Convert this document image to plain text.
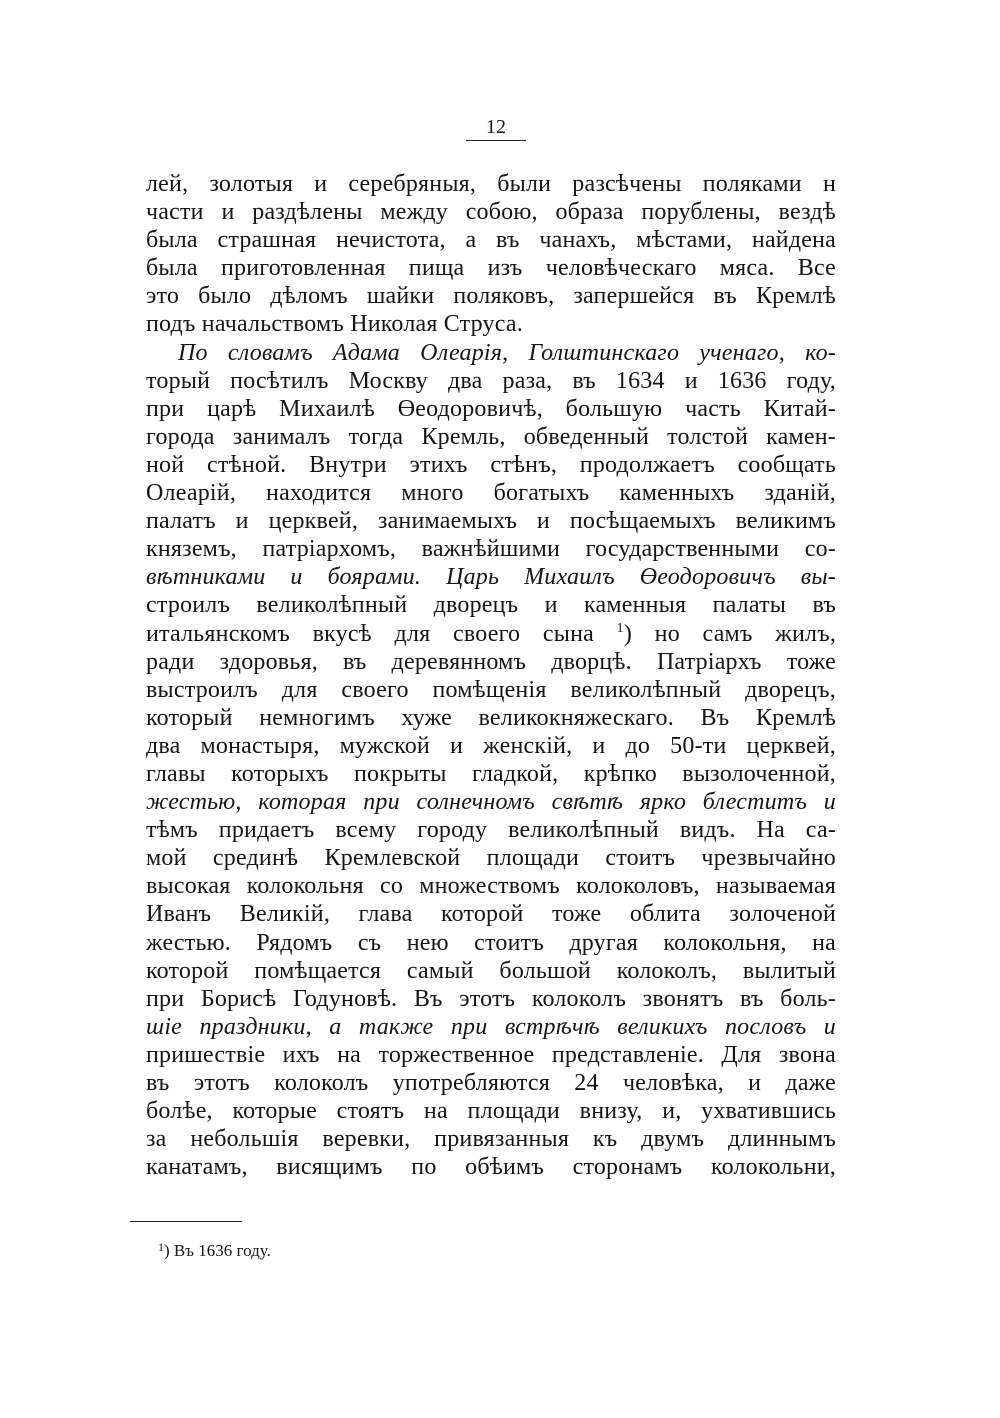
12
лей, золотыя и серебряныя, были разсѣчены поляками н
части и раздѣлены между собою, образа порублены, вездѣ
была страшная нечистота, а въ чанахъ, мѣстами, найдена
была приготовленная пища изъ человѣческаго мяса. Все
это было дѣломъ шайки поляковъ, запершейся въ Кремлѣ
подъ начальствомъ Николая Струса.
По словамъ Адама Олеарія, Голштинскаго ученаго, ко-
торый посѣтилъ Москву два раза, въ 1634 и 1636 году,
при царѣ Михаилѣ Өеодоровичѣ, большую часть Китай-
города занималъ тогда Кремль, обведенный толстой камен-
ной стѣной. Внутри этихъ стѣнъ, продолжаетъ сообщать
Олеарій, находится много богатыхъ каменныхъ зданій,
палатъ и церквей, занимаемыхъ и посѣщаемыхъ великимъ
княземъ, патріархомъ, важнѣйшими государственными со-
вѣтниками и боярами. Царь Михаилъ Өеодоровичъ вы-
строилъ великолѣпный дворецъ и каменныя палаты въ
итальянскомъ вкусѣ для своего сына $^1$) но самъ жилъ,
ради здоровья, въ деревянномъ дворцѣ. Патріархъ тоже
выстроилъ для своего помѣщенія великолѣпный дворецъ,
который немногимъ хуже великокняжескаго. Въ Кремлѣ
два монастыря, мужской и женскій, и до 50-ти церквей,
главы которыхъ покрыты гладкой, крѣпко вызолоченной,
жестью, которая при солнечномъ свѣтѣ ярко блеститъ и
тѣмъ придаетъ всему городу великолѣпный видъ. На са-
мой срединѣ Кремлевской площади стоитъ чрезвычайно
высокая колокольня со множествомъ колоколовъ, называемая
Иванъ Великій, глава которой тоже облита золоченой
жестью. Рядомъ съ нею стоитъ другая колокольня, на
которой помѣщается самый большой колоколъ, вылитый
при Борисѣ Годуновѣ. Въ этотъ колоколъ звонятъ въ боль-
шіе праздники, а также при встрѣчѣ великихъ пословъ и
пришествіе ихъ на торжественное представленіе. Для звона
въ этотъ колоколъ употребляются 24 человѣка, и даже
болѣе, которые стоятъ на площади внизу, и, ухватившись
за небольшія веревки, привязанныя къ двумъ длиннымъ
канатамъ, висящимъ по обѣимъ сторонамъ колокольни,
$^1$) Въ 1636 году.
